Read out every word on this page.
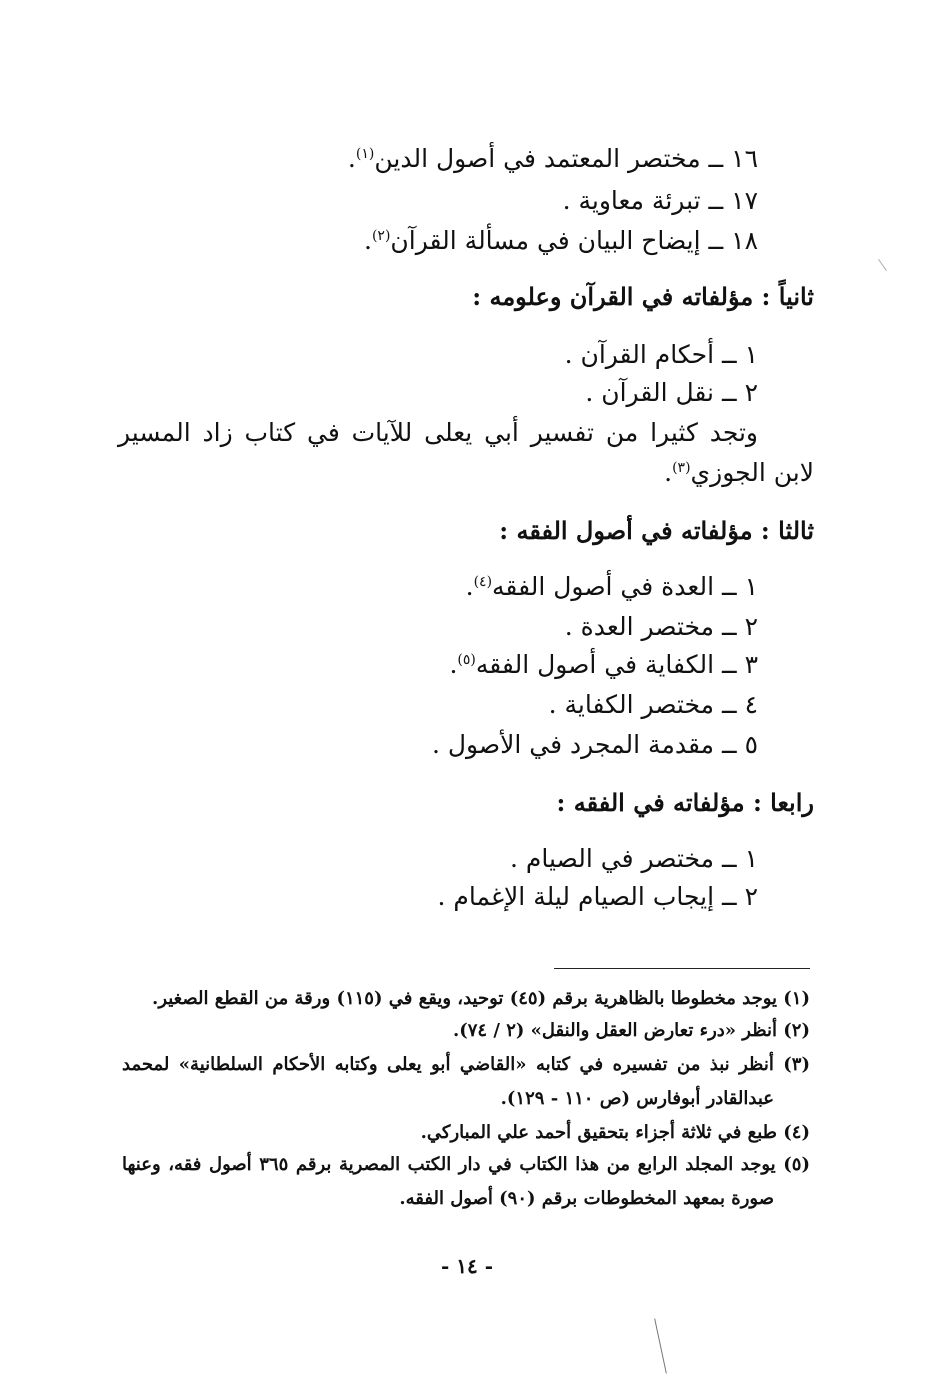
١٦ ــ مختصر المعتمد في أصول الدين$^{(١)}$.
١٧ ــ تبرئة معاوية .
١٨ ــ إيضاح البيان في مسألة القرآن$^{(٢)}$.
ثانياً : مؤلفاته في القرآن وعلومه :
١ ــ أحكام القرآن .
٢ ــ نقل القرآن .
وتجد كثيرا من تفسير أبي يعلى للآيات في كتاب زاد المسير
لابن الجوزي$^{(٣)}$.
ثالثا : مؤلفاته في أصول الفقه :
١ ــ العدة في أصول الفقه$^{(٤)}$.
٢ ــ مختصر العدة .
٣ ــ الكفاية في أصول الفقه$^{(٥)}$.
٤ ــ مختصر الكفاية .
٥ ــ مقدمة المجرد في الأصول .
رابعا : مؤلفاته في الفقه :
١ ــ مختصر في الصيام .
٢ ــ إيجاب الصيام ليلة الإغمام .
(١) يوجد مخطوطا بالظاهرية برقم (٤٥) توحيد، ويقع في (١١٥) ورقة من القطع الصغير.
(٢) أنظر «درء تعارض العقل والنقل» (٢ / ٧٤).
(٣) أنظر نبذ من تفسيره في كتابه «القاضي أبو يعلى وكتابه الأحكام السلطانية» لمحمد
عبدالقادر أبوفارس (ص ١١٠ - ١٢٩).
(٤) طبع في ثلاثة أجزاء بتحقيق أحمد علي المباركي.
(٥) يوجد المجلد الرابع من هذا الكتاب في دار الكتب المصرية برقم ٣٦٥ أصول فقه، وعنها
صورة بمعهد المخطوطات برقم (٩٠) أصول الفقه.
- ١٤ -
